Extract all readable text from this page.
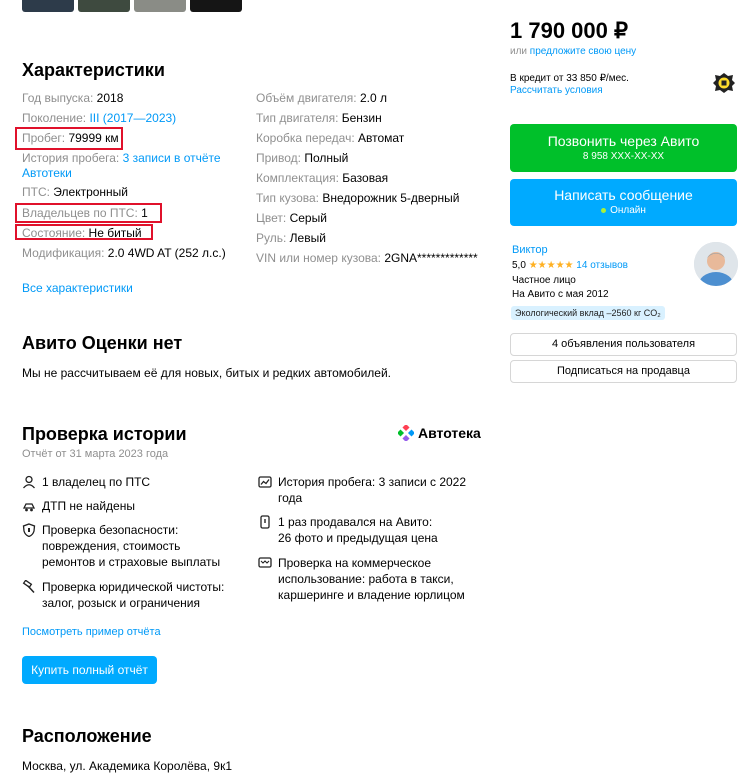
Характеристики
Год выпуска: 2018
Поколение: III (2017—2023)
Пробег: 79999 км
История пробега: 3 записи в отчёте
Автотеки
ПТС: Электронный
Владельцев по ПТС: 1
Состояние: Не битый
Модификация: 2.0 4WD AT (252 л.с.)
Объём двигателя: 2.0 л
Тип двигателя: Бензин
Коробка передач: Автомат
Привод: Полный
Комплектация: Базовая
Тип кузова: Внедорожник 5-дверный
Цвет: Серый
Руль: Левый
VIN или номер кузова: 2GNA*************
Все характеристики
Авито Оценки нет
Мы не рассчитываем её для новых, битых и редких автомобилей.
Проверка истории
Отчёт от 31 марта 2023 года
Автотека
1 владелец по ПТС
ДТП не найдены
Проверка безопасности:
повреждения, стоимость
ремонтов и страховые выплаты
Проверка юридической чистоты:
залог, розыск и ограничения
История пробега: 3 записи с 2022
года
1 раз продавался на Авито:
26 фото и предыдущая цена
Проверка на коммерческое
использование: работа в такси,
каршеринге и владение юрлицом
Посмотреть пример отчёта
Купить полный отчёт
Расположение
Москва, ул. Академика Королёва, 9к1
1 790 000 ₽
или предложите свою цену
В кредит от 33 850 ₽/мес.
Рассчитать условия
Позвонить через Авито
8 958 XXX-XX-XX
Написать сообщение
Онлайн
Виктор
5,0 ★★★★★ 14 отзывов
Частное лицо
На Авито с мая 2012
Экологический вклад –2560 кг CO₂
4 объявления пользователя
Подписаться на продавца
